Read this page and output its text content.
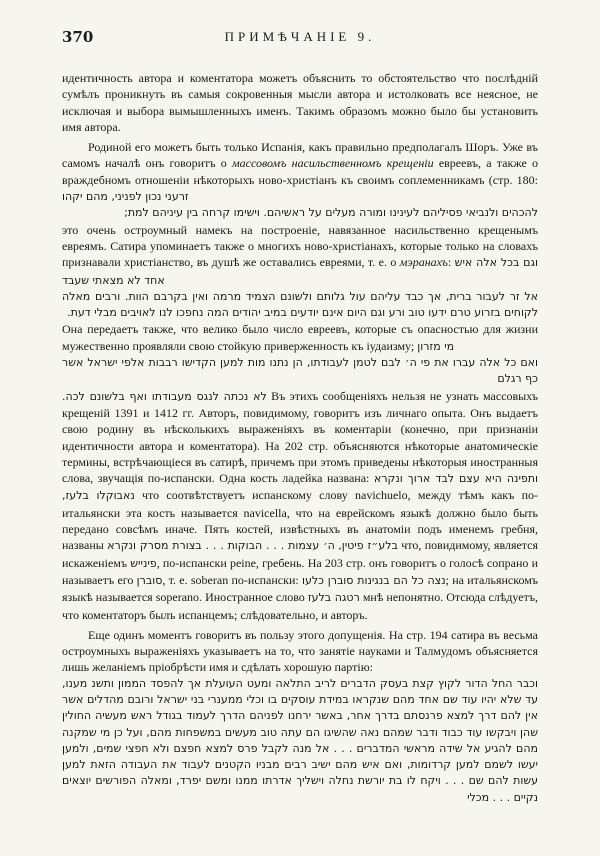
370	ПРИМѢЧАНІЕ 9.

идентичность автора и коментатора можетъ объяснить то обстоятельство что послѣдній сумѣлъ проникнуть въ самыя сокровенныя мысли автора и истолковать все неясное, не исключая и выбора вымышленныхъ именъ. Такимъ образомъ можно было бы установить имя автора.

Родиной его можетъ быть только Испанія, какъ правильно предполагалъ Шоръ. Уже въ самомъ началѣ онъ говоритъ о массовомъ насильственномъ крещеніи евреевъ, а также о враждебномъ отношеніи нѣкоторыхъ ново-христіанъ къ своимъ соплеменникамъ (стр. 180: זרעני נכון לפניני, מהם יקהו

להכהים ולנביאי פסיליהם לעינינו ומורה מעלים על ראשיהם. וישימו קרחה בין עיניהם למת;

это очень остроумный намекъ на построеніе, навязанное насильственно крещенымъ евреямъ. Сатира упоминаетъ также о многихъ ново-христіанахъ, которые только на словахъ признавали христіанство, въ душѣ же оставались евреями, т. е. о мэранахъ: וגם בכל אלה איש אחד לא מצאתי שעבד

אל זר לעבור ברית, אך כבד עליהם עול גלותם ולשונם הצמיד מרמה ואין בקרבם הוות. ורבים מאלה לקוחים בזרוע טרם ידעו טוב ורע וגם היום אינם יודעים במיב יהודים המה נחפכו לנו לאויבים מבלי דעת.

Она передаетъ также, что велико было число евреевъ, которые съ опасностью для жизни мужественно проявляли свою стойкую приверженность къ іудаизму; מי מזרון

ואם כל אלה עברו את פי ה׳ לבם לטמן לעבודתו, הן נתנו מות למען הקדישו רבבות אלפי ישראל אשר כף רגלם

לא נכתה לנגס מעבודתו ואף בלשונם לכה. Въ этихъ сообщеніяхъ нельзя не узнать массовыхъ крещеній 1391 и 1412 гг. Авторъ, повидимому, говоритъ изъ личнаго опыта. Онъ выдаетъ свою родину въ нѣсколькихъ выраженіяхъ въ коментаріи (конечно, при признаніи идентичности автора и коментатора). На 202 стр. объясняются нѣкоторые анатомическіе термины, встрѣчающіеся въ сатирѣ, причемъ при этомъ приведены нѣкоторыя иностранныя слова, звучащія по-испански. Одна кость ладейка названа: ותפינה היא עצם לבד ארוך ונקרא נאבוקלו בלעז, что соотвѣтствуетъ испанскому слову navichuelo, между тѣмъ какъ по-итальянски эта кость называется navicella, что на еврейскомъ языкѣ должно было быть передано совсѣмъ иначе. Пять костей, извѣстныхъ въ анатоміи подъ именемъ гребня, названы ה׳ עצמות . . . הבוקות . . . בצורת מסרק ונקרא בלע״ז פיטין, что, повидимому, является искаженіемъ פינייש, по-испански peine, гребень. На 203 стр. онъ говоритъ о голосѣ сопрано и называетъ его סוברן, т. е. soberan по-испански: נצה כל הם בנגינות סוברן כלעו; на итальянскомъ языкѣ называется soperano. Иностранное слово רטגה בלעז мнѣ непонятно. Отсюда слѣдуетъ, что коментаторъ былъ испанцемъ; слѣдовательно, и авторъ.

Еще одинъ моментъ говоритъ въ пользу этого допущенія. На стр. 194 сатира въ весьма остроумныхъ выраженіяхъ указываетъ на то, что занятіе науками и Талмудомъ объясняется лишь желаніемъ пріобрѣсти имя и сдѣлать хорошую партію:

וכבר החל הדור לקוץ קצת בעסק הדברים לריב התלאה ומעט העועלת אך להפסד הממון ותשנ מענו, עד שלא יהיו עוד שם אחד מהם שנקראו במידת עוסקים בו וכלי ממענרי בני ישראל ורובם מהדלים אשר אין להם דרך למצא פרנסתם בדרך אחר, באשר ירחנו לפניהם הדרך לעמוד בגודל ראש מעשיה החולין שהן ויבקשו עוד כבוד ודבר שמהם נאה שהשיגו הם עתה טוב מעשים במשפחות מהם, ועל כן מי שמקנה מהם להגיע אל שידה מראשי המדברים . . . אל מנה לקבל פרס למצא חפצם ולא חפצי שמים, ולמען יעשו לשמם למען קרדומות, ואם איש מהם ישיב רבים מבניו הקטנים לעבוד את העבודה הזאת למען עשות להם שם . . . ויקח לו בת יורשת נחלה וישליך אדרתו ממנו ומשם יפרד, ומאלה הפורשים יוצאים נקיים . . . מכלי
